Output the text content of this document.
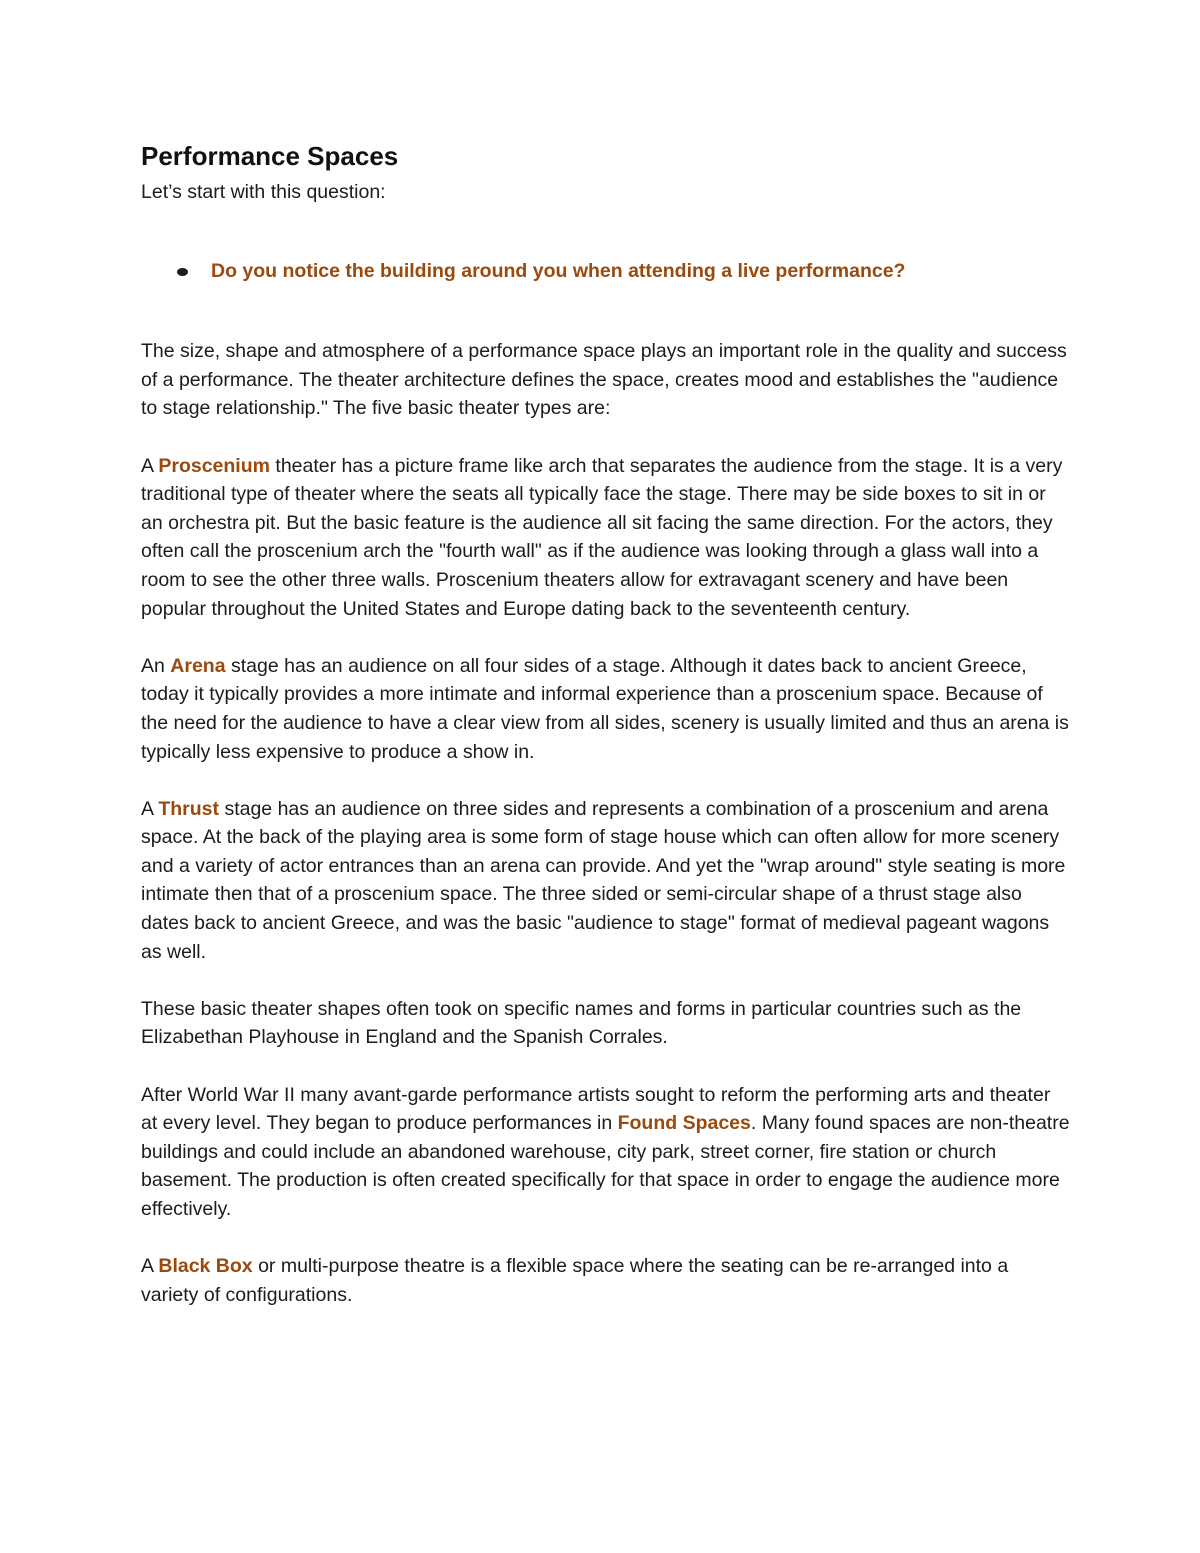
Performance Spaces

Let’s start with this question:

Do you notice the building around you when attending a live performance?

The size, shape and atmosphere of a performance space plays an important role in the quality and success of a performance. The theater architecture defines the space, creates mood and establishes the "audience to stage relationship." The five basic theater types are:

A Proscenium theater has a picture frame like arch that separates the audience from the stage. It is a very traditional type of theater where the seats all typically face the stage. There may be side boxes to sit in or an orchestra pit. But the basic feature is the audience all sit facing the same direction. For the actors, they often call the proscenium arch the "fourth wall" as if the audience was looking through a glass wall into a room to see the other three walls. Proscenium theaters allow for extravagant scenery and have been popular throughout the United States and Europe dating back to the seventeenth century.

An Arena stage has an audience on all four sides of a stage. Although it dates back to ancient Greece, today it typically provides a more intimate and informal experience than a proscenium space. Because of the need for the audience to have a clear view from all sides, scenery is usually limited and thus an arena is typically less expensive to produce a show in.

A Thrust stage has an audience on three sides and represents a combination of a proscenium and arena space. At the back of the playing area is some form of stage house which can often allow for more scenery and a variety of actor entrances than an arena can provide. And yet the "wrap around" style seating is more intimate then that of a proscenium space. The three sided or semi-circular shape of a thrust stage also dates back to ancient Greece, and was the basic "audience to stage" format of medieval pageant wagons as well.

These basic theater shapes often took on specific names and forms in particular countries such as the Elizabethan Playhouse in England and the Spanish Corrales.

After World War II many avant-garde performance artists sought to reform the performing arts and theater at every level. They began to produce performances in Found Spaces. Many found spaces are non-theatre buildings and could include an abandoned warehouse, city park, street corner, fire station or church basement. The production is often created specifically for that space in order to engage the audience more effectively.

A Black Box or multi-purpose theatre is a flexible space where the seating can be re-arranged into a variety of configurations.
